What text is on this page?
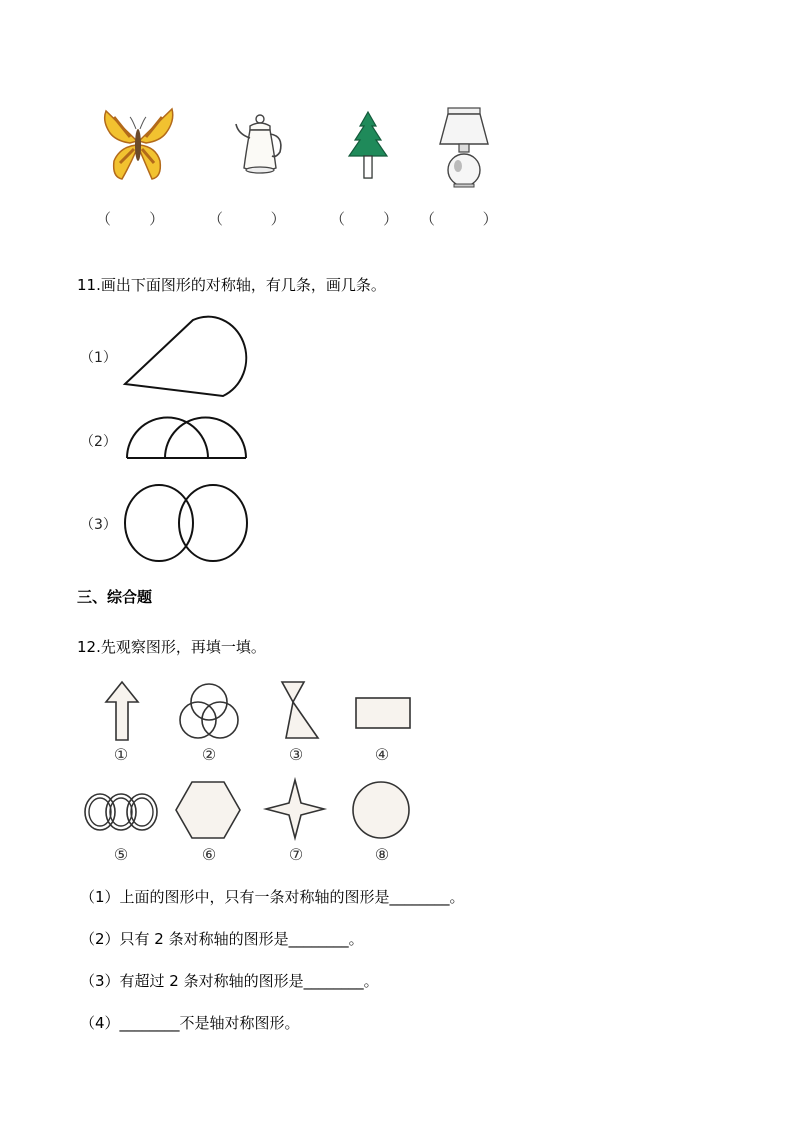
（        ）	（          ）	（        ） （          ）
11.画出下面图形的对称轴，有几条，画几条。
（1）
（2）
（3）
三、综合题
12.先观察图形，再填一填。
①	②	③	④
⑤	⑥	⑦	⑧
（1）上面的图形中，只有一条对称轴的图形是________。
（2）只有 2 条对称轴的图形是________。
（3）有超过 2 条对称轴的图形是________。
（4）________不是轴对称图形。
